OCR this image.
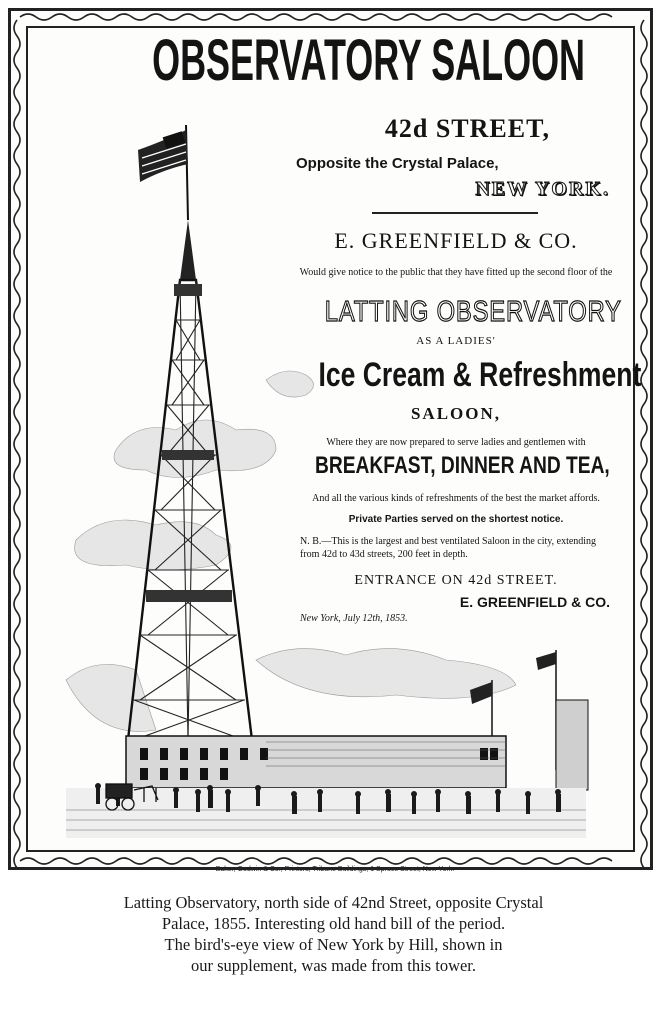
OBSERVATORY SALOON
42d STREET,
Opposite the Crystal Palace,
NEW YORK.
E. GREENFIELD & CO.
Would give notice to the public that they have fitted up the second floor of the
LATTING OBSERVATORY
AS A LADIES'
Ice Cream & Refreshment
SALOON,
Where they are now prepared to serve ladies and gentlemen with
BREAKFAST, DINNER AND TEA,
And all the various kinds of refreshments of the best the market affords.
Private Parties served on the shortest notice.
N. B.—This is the largest and best ventilated Saloon in the city, extending from 42d to 43d streets, 200 feet in depth.
ENTRANCE ON 42d STREET.
E. GREENFIELD & CO.
New York, July 12th, 1853.
Baker, Godwin & Co., Printers, Tribune Buildings, 1 Spruce Street, New York.
Latting Observatory, north side of 42nd Street, opposite Crystal
Palace, 1855. Interesting old hand bill of the period.
The bird's-eye view of New York by Hill, shown in
our supplement, was made from this tower.
